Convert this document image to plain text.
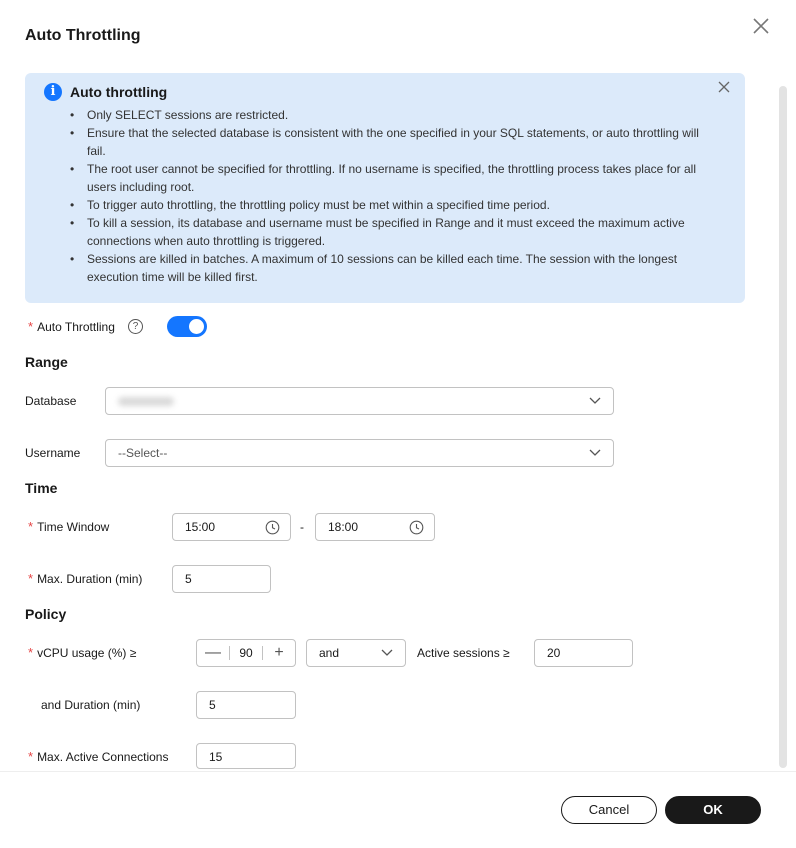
Auto Throttling
i	Auto throttling
• Only SELECT sessions are restricted.
• Ensure that the selected database is consistent with the one specified in your SQL statements, or auto throttling will fail.
• The root user cannot be specified for throttling. If no username is specified, the throttling process takes place for all users including root.
• To trigger auto throttling, the throttling policy must be met within a specified time period.
• To kill a session, its database and username must be specified in Range and it must exceed the maximum active connections when auto throttling is triggered.
• Sessions are killed in batches. A maximum of 10 sessions can be killed each time. The session with the longest execution time will be killed first.
* Auto Throttling	?
Range
Database
Username	--Select--
Time
* Time Window	15:00	- 18:00
* Max. Duration (min)	5
Policy
* vCPU usage (%) ≥	—	90	+	and	Active sessions ≥	20
and Duration (min)	5
* Max. Active Connections	15
Cancel	OK
